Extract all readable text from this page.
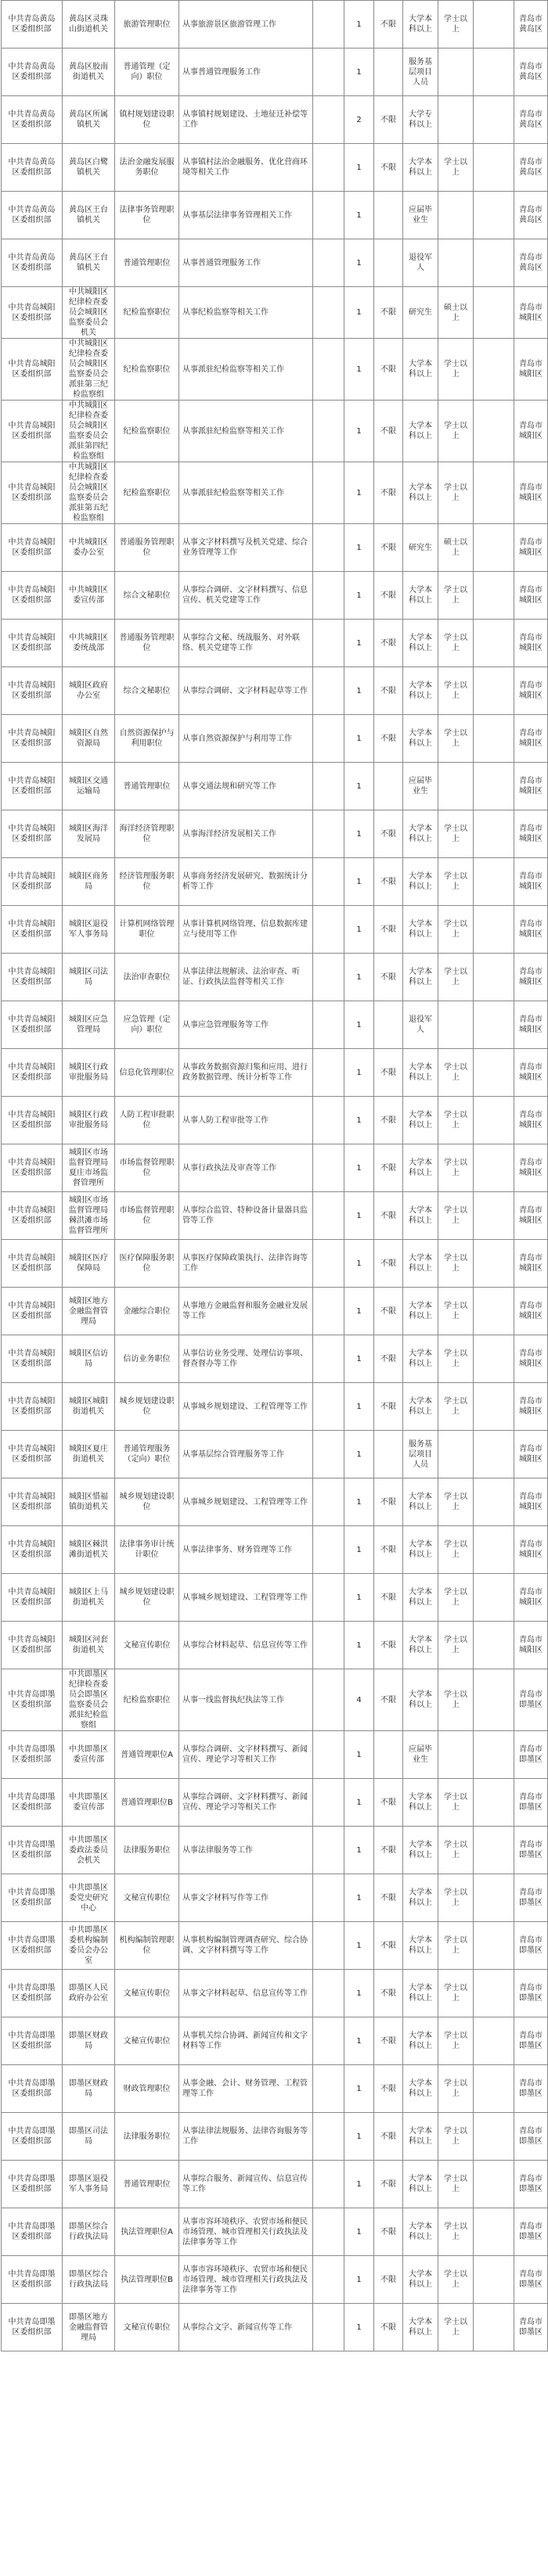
中共青岛黄岛区委组织部	黄岛区灵珠山街道机关	旅游管理职位	从事旅游景区旅游管理工作		1	不限	大学本科以上	学士以上		青岛市黄岛区
中共青岛黄岛区委组织部	黄岛区胶南街道机关	普通管理（定向）职位	从事普通管理服务工作		1		服务基层项目人员			青岛市黄岛区
中共青岛黄岛区委组织部	黄岛区所属镇机关	镇村规划建设职位	从事镇村规划建设、土地征迁补偿等工作		2	不限	大学专科以上			青岛市黄岛区
中共青岛黄岛区委组织部	黄岛区白鹭镇机关	法治金融发展服务职位	从事镇村法治金融服务、优化营商环境等相关工作		1	不限	大学本科以上	学士以上		青岛市黄岛区
中共青岛黄岛区委组织部	黄岛区王台镇机关	法律事务管理职位	从事基层法律事务管理相关工作		1		应届毕业生			青岛市黄岛区
中共青岛黄岛区委组织部	黄岛区王台镇机关	普通管理职位	从事普通管理服务工作		1		退役军人			青岛市黄岛区
中共青岛城阳区委组织部	中共城阳区纪律检查委员会城阳区监察委员会机关	纪检监察职位	从事纪检监察等相关工作		1	不限	研究生	硕士以上		青岛市城阳区
中共青岛城阳区委组织部	中共城阳区纪律检查委员会城阳区监察委员会派驻第三纪检监察组	纪检监察职位	从事派驻纪检监察等相关工作		1	不限	大学本科以上	学士以上		青岛市城阳区
中共青岛城阳区委组织部	中共城阳区纪律检查委员会城阳区监察委员会派驻第四纪检监察组	纪检监察职位	从事派驻纪检监察等相关工作		1	不限	大学本科以上	学士以上		青岛市城阳区
中共青岛城阳区委组织部	中共城阳区纪律检查委员会城阳区监察委员会派驻第五纪检监察组	纪检监察职位	从事派驻纪检监察等相关工作		1	不限	大学本科以上	学士以上		青岛市城阳区
中共青岛城阳区委组织部	中共城阳区委办公室	普通服务管理职位	从事文字材料撰写及机关党建、综合业务管理等工作		1	不限	研究生	硕士以上		青岛市城阳区
中共青岛城阳区委组织部	中共城阳区委宣传部	综合文秘职位	从事综合调研、文字材料撰写、信息宣传、机关党建等工作		1	不限	大学本科以上	学士以上		青岛市城阳区
中共青岛城阳区委组织部	中共城阳区委统战部	普通服务管理职位	从事综合文秘、统战服务、对外联络、机关党建等工作		1	不限	大学本科以上	学士以上		青岛市城阳区
中共青岛城阳区委组织部	城阳区政府办公室	综合文秘职位	从事综合调研、文字材料起草等工作		1	不限	大学本科以上	学士以上		青岛市城阳区
中共青岛城阳区委组织部	城阳区自然资源局	自然资源保护与利用职位	从事自然资源保护与利用等工作		1	不限	大学本科以上	学士以上		青岛市城阳区
中共青岛城阳区委组织部	城阳区交通运输局	普通管理职位	从事交通法规和研究等工作		1		应届毕业生			青岛市城阳区
中共青岛城阳区委组织部	城阳区海洋发展局	海洋经济管理职位	从事海洋经济发展相关工作		1	不限	大学本科以上	学士以上		青岛市城阳区
中共青岛城阳区委组织部	城阳区商务局	经济管理服务职位	从事商务经济发展研究、数据统计分析等工作		1	不限	大学本科以上	学士以上		青岛市城阳区
中共青岛城阳区委组织部	城阳区退役军人事务局	计算机网络管理职位	从事计算机网络管理、信息数据库建立与使用等工作		1	不限	大学本科以上	学士以上		青岛市城阳区
中共青岛城阳区委组织部	城阳区司法局	法治审查职位	从事法律法规解读、法治审查、听证、行政执法监督等相关工作		1	不限	大学本科以上	学士以上		青岛市城阳区
中共青岛城阳区委组织部	城阳区应急管理局	应急管理（定向）职位	从事应急管理服务等工作		1		退役军人			青岛市城阳区
中共青岛城阳区委组织部	城阳区行政审批服务局	信息化管理职位	从事政务数据资源归集和应用、进行政务数据管理、统计分析等工作		1	不限	大学本科以上	学士以上		青岛市城阳区
中共青岛城阳区委组织部	城阳区行政审批服务局	人防工程审批职位	从事人防工程审批等工作		1	不限	大学本科以上	学士以上		青岛市城阳区
中共青岛城阳区委组织部	城阳区市场监督管理局夏庄市场监督管理所	市场监督管理职位	从事行政执法及审查等工作		1	不限	大学本科以上	学士以上		青岛市城阳区
中共青岛城阳区委组织部	城阳区市场监督管理局棘洪滩市场监督管理所	市场监督管理职位	从事综合监管、特种设备计量器具监管等工作		1	不限	大学本科以上	学士以上		青岛市城阳区
中共青岛城阳区委组织部	城阳区医疗保障局	医疗保障服务职位	从事医疗保障政策执行、法律咨询等工作		1	不限	大学本科以上	学士以上		青岛市城阳区
中共青岛城阳区委组织部	城阳区地方金融监督管理局	金融综合职位	从事地方金融监督和服务金融业发展等工作		1	不限	大学本科以上	学士以上		青岛市城阳区
中共青岛城阳区委组织部	城阳区信访局	信访业务职位	从事信访业务受理、处理信访事项、督查督办等工作		1	不限	大学本科以上	学士以上		青岛市城阳区
中共青岛城阳区委组织部	城阳区城阳街道机关	城乡规划建设职位	从事城乡规划建设、工程管理等工作		1	不限	大学本科以上	学士以上		青岛市城阳区
中共青岛城阳区委组织部	城阳区夏庄街道机关	普通管理服务（定向）职位	从事基层综合管理服务等工作		1		服务基层项目人员			青岛市城阳区
中共青岛城阳区委组织部	城阳区惜福镇街道机关	城乡规划建设职位	从事城乡规划建设、工程管理等工作		1	不限	大学本科以上	学士以上		青岛市城阳区
中共青岛城阳区委组织部	城阳区棘洪滩街道机关	法律事务审计统计职位	从事法律事务、财务管理等工作		1	不限	大学本科以上	学士以上		青岛市城阳区
中共青岛城阳区委组织部	城阳区上马街道机关	城乡规划建设职位	从事城乡规划建设、工程管理等工作		1	不限	大学本科以上	学士以上		青岛市城阳区
中共青岛城阳区委组织部	城阳区河套街道机关	文秘宣传职位	从事综合材料起草、信息宣传等工作		1	不限	大学本科以上	学士以上		青岛市城阳区
中共青岛即墨区委组织部	中共即墨区纪律检查委员会即墨区监察委员会派驻纪检监察组	纪检监察职位	从事一线监督执纪执法等工作		4	不限	大学本科以上	学士以上		青岛市即墨区
中共青岛即墨区委组织部	中共即墨区委宣传部	普通管理职位A	从事综合调研、文字材料撰写、新闻宣传、理论学习等相关工作		1		应届毕业生			青岛市即墨区
中共青岛即墨区委组织部	中共即墨区委宣传部	普通管理职位B	从事综合调研、文字材料撰写、新闻宣传、理论学习等相关工作		1	不限	大学本科以上	学士以上		青岛市即墨区
中共青岛即墨区委组织部	中共即墨区委政法委员会机关	法律服务职位	从事法律服务等工作		1	不限	大学本科以上	学士以上		青岛市即墨区
中共青岛即墨区委组织部	中共即墨区委党史研究中心	文秘宣传职位	从事文字材料写作等工作		1	不限	大学本科以上	学士以上		青岛市即墨区
中共青岛即墨区委组织部	中共即墨区委机构编制委员会办公室	机构编制管理职位	从事机构编制管理调查研究、综合协调、文字材料撰写等工作		1	不限	大学本科以上	学士以上		青岛市即墨区
中共青岛即墨区委组织部	即墨区人民政府办公室	文秘宣传职位	从事文字材料起草、信息宣传等工作		1	不限	大学本科以上	学士以上		青岛市即墨区
中共青岛即墨区委组织部	即墨区财政局	文秘宣传职位	从事机关综合协调、新闻宣传和文字材料等工作		1	不限	大学本科以上	学士以上		青岛市即墨区
中共青岛即墨区委组织部	即墨区财政局	财政管理职位	从事金融、会计、财务管理、工程管理等工作		1	不限	大学本科以上	学士以上		青岛市即墨区
中共青岛即墨区委组织部	即墨区司法局	法律服务职位	从事法律法规服务、法律咨询服务等工作		1	不限	大学本科以上	学士以上		青岛市即墨区
中共青岛即墨区委组织部	即墨区退役军人事务局	普通管理职位	从事综合服务、新闻宣传、信息宣传等工作		1	不限	大学本科以上	学士以上		青岛市即墨区
中共青岛即墨区委组织部	即墨区综合行政执法局	执法管理职位A	从事市容环境秩序、农贸市场和便民市场管理、城市管理相关行政执法及法律事务等工作		1	不限	大学本科以上	学士以上		青岛市即墨区
中共青岛即墨区委组织部	即墨区综合行政执法局	执法管理职位B	从事市容环境秩序、农贸市场和便民市场管理、城市管理相关行政执法及法律事务等工作		1	不限	大学本科以上	学士以上		青岛市即墨区
中共青岛即墨区委组织部	即墨区地方金融监督管理局	文秘宣传职位	从事综合文字、新闻宣传等工作		1	不限	大学本科以上	学士以上		青岛市即墨区
